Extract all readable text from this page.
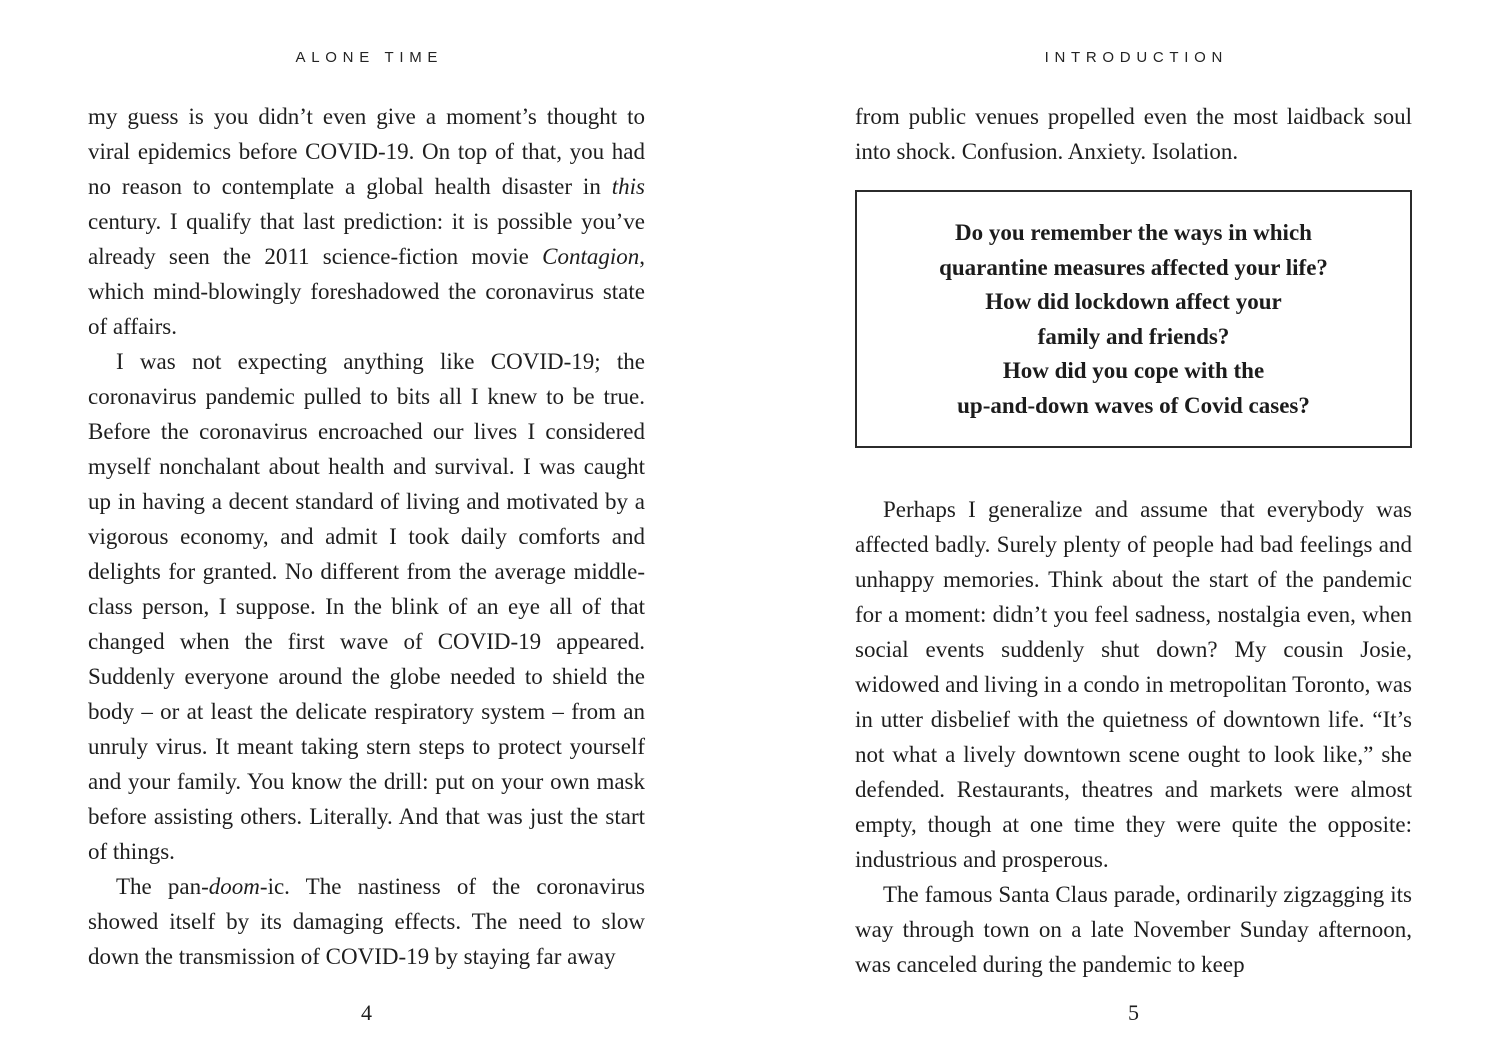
ALONE TIME

my guess is you didn’t even give a moment’s thought to viral epidemics before COVID-19. On top of that, you had no reason to contemplate a global health disaster in this century. I qualify that last prediction: it is possible you’ve already seen the 2011 science-fiction movie Contagion, which mind-blowingly foreshadowed the coronavirus state of affairs.

I was not expecting anything like COVID-19; the coronavirus pandemic pulled to bits all I knew to be true. Before the coronavirus encroached our lives I considered myself nonchalant about health and survival. I was caught up in having a decent standard of living and motivated by a vigorous economy, and admit I took daily comforts and delights for granted. No different from the average middle-class person, I suppose. In the blink of an eye all of that changed when the first wave of COVID-19 appeared. Suddenly everyone around the globe needed to shield the body – or at least the delicate respiratory system – from an unruly virus. It meant taking stern steps to protect yourself and your family. You know the drill: put on your own mask before assisting others. Literally. And that was just the start of things.

The pan-doom-ic. The nastiness of the coronavirus showed itself by its damaging effects. The need to slow down the transmission of COVID-19 by staying far away

4
INTRODUCTION

from public venues propelled even the most laidback soul into shock. Confusion. Anxiety. Isolation.

Do you remember the ways in which
quarantine measures affected your life?
How did lockdown affect your
family and friends?
How did you cope with the
up-and-down waves of Covid cases?

Perhaps I generalize and assume that everybody was affected badly. Surely plenty of people had bad feelings and unhappy memories. Think about the start of the pandemic for a moment: didn’t you feel sadness, nostalgia even, when social events suddenly shut down? My cousin Josie, widowed and living in a condo in metropolitan Toronto, was in utter disbelief with the quietness of downtown life. “It’s not what a lively downtown scene ought to look like,” she defended. Restaurants, theatres and markets were almost empty, though at one time they were quite the opposite: industrious and prosperous.

The famous Santa Claus parade, ordinarily zigzagging its way through town on a late November Sunday afternoon, was canceled during the pandemic to keep

5
